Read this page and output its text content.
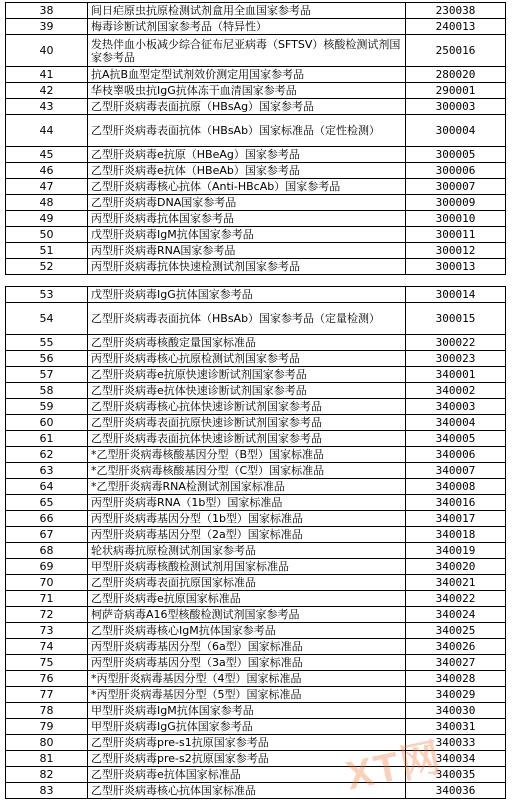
38	间日疟原虫抗原检测试剂盒用全血国家参考品	230038
39	梅毒诊断试剂国家参考品（特异性）	240013
40	发热伴血小板减少综合征布尼亚病毒（SFTSV）核酸检测试剂国家参考品	250016
41	抗A抗B血型定型试剂效价测定用国家参考品	280020
42	华枝睾吸虫抗IgG抗体冻干血清国家参考品	290001
43	乙型肝炎病毒表面抗原（HBsAg）国家参考品	300003
44	乙型肝炎病毒表面抗体（HBsAb）国家标准品（定性检测）	300004
45	乙型肝炎病毒e抗原（HBeAg）国家参考品	300005
46	乙型肝炎病毒e抗体（HBeAb）国家参考品	300006
47	乙型肝炎病毒核心抗体（Anti-HBcAb）国家参考品	300007
48	乙型肝炎病毒DNA国家参考品	300009
49	丙型肝炎病毒抗体国家参考品	300010
50	戊型肝炎病毒IgM抗体国家参考品	300011
51	丙型肝炎病毒RNA国家参考品	300012
52	丙型肝炎病毒抗体快速检测试剂国家参考品	300013
53	戊型肝炎病毒IgG抗体国家参考品	300014
54	乙型肝炎病毒表面抗体（HBsAb）国家参考品（定量检测）	300015
55	乙型肝炎病毒核酸定量国家标准品	300022
56	丙型肝炎病毒核心抗原检测试剂国家参考品	300023
57	乙型肝炎病毒e抗原快速诊断试剂国家参考品	340001
58	乙型肝炎病毒e抗体快速诊断试剂国家参考品	340002
59	乙型肝炎病毒核心抗体快速诊断试剂国家参考品	340003
60	乙型肝炎病毒表面抗原快速诊断试剂国家参考品	340004
61	乙型肝炎病毒表面抗体快速诊断试剂国家参考品	340005
62	*乙型肝炎病毒核酸基因分型（B型）国家标准品	340006
63	*乙型肝炎病毒核酸基因分型（C型）国家标准品	340007
64	*乙型肝炎病毒RNA检测试剂国家标准品	340008
65	丙型肝炎病毒RNA（1b型）国家标准品	340016
66	丙型肝炎病毒基因分型（1b型）国家标准品	340017
67	丙型肝炎病毒基因分型（2a型）国家标准品	340018
68	轮状病毒抗原检测试剂国家参考品	340019
69	甲型肝炎病毒核酸检测试剂用国家标准品	340020
70	乙型肝炎病毒表面抗原国家标准品	340021
71	乙型肝炎病毒e抗原国家标准品	340022
72	柯萨奇病毒A16型核酸检测试剂国家参考品	340024
73	乙型肝炎病毒核心IgM抗体国家参考品	340025
74	丙型肝炎病毒基因分型（6a型）国家标准品	340026
75	丙型肝炎病毒基因分型（3a型）国家标准品	340027
76	*丙型肝炎病毒基因分型（4型）国家标准品	340028
77	*丙型肝炎病毒基因分型（5型）国家标准品	340029
78	甲型肝炎病毒IgM抗体国家参考品	340030
79	甲型肝炎病毒IgG抗体国家参考品	340031
80	乙型肝炎病毒pre-s1抗原国家参考品	340033
81	乙型肝炎病毒pre-s2抗原国家参考品	340034
82	乙型肝炎病毒e抗体国家标准品	340035
83	乙型肝炎病毒核心抗体国家标准品	340036
XT网
